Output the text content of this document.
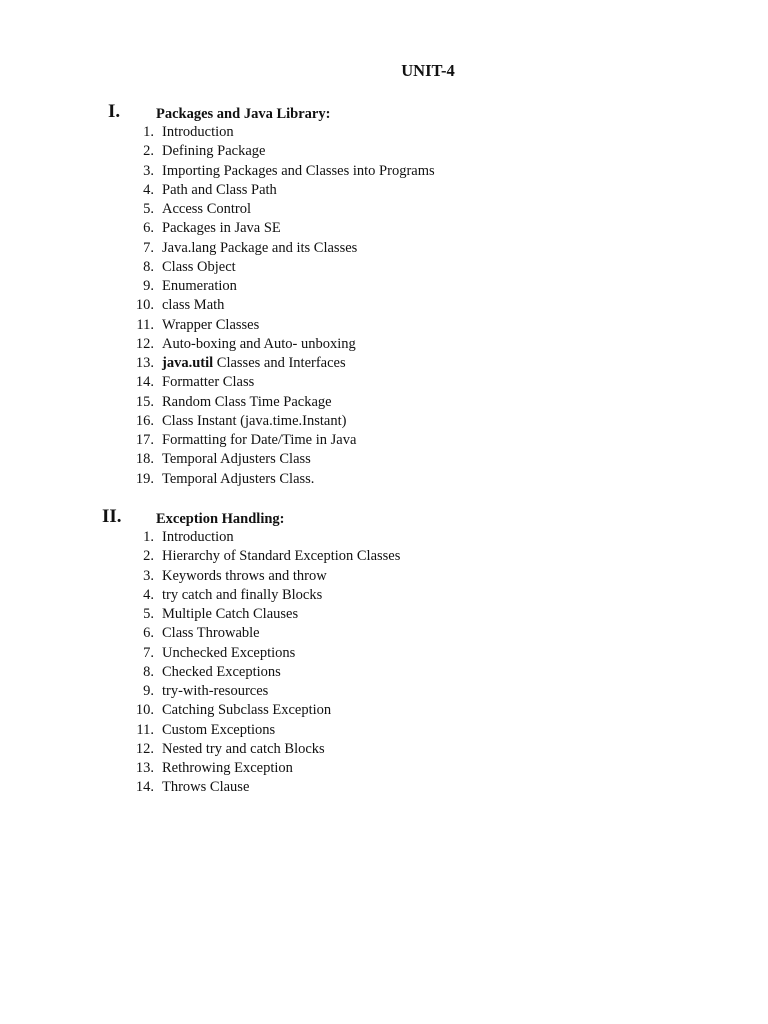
UNIT-4
I. Packages and Java Library:
1. Introduction
2. Defining Package
3. Importing Packages and Classes into Programs
4. Path and Class Path
5. Access Control
6. Packages in Java SE
7. Java.lang Package and its Classes
8. Class Object
9. Enumeration
10. class Math
11. Wrapper Classes
12. Auto-boxing and Auto- unboxing
13. java.util Classes and Interfaces
14. Formatter Class
15. Random Class Time Package
16. Class Instant (java.time.Instant)
17. Formatting for Date/Time in Java
18. Temporal Adjusters Class
19. Temporal Adjusters Class.
II. Exception Handling:
1. Introduction
2. Hierarchy of Standard Exception Classes
3. Keywords throws and throw
4. try catch and finally Blocks
5. Multiple Catch Clauses
6. Class Throwable
7. Unchecked Exceptions
8. Checked Exceptions
9. try-with-resources
10. Catching Subclass Exception
11. Custom Exceptions
12. Nested try and catch Blocks
13. Rethrowing Exception
14. Throws Clause
